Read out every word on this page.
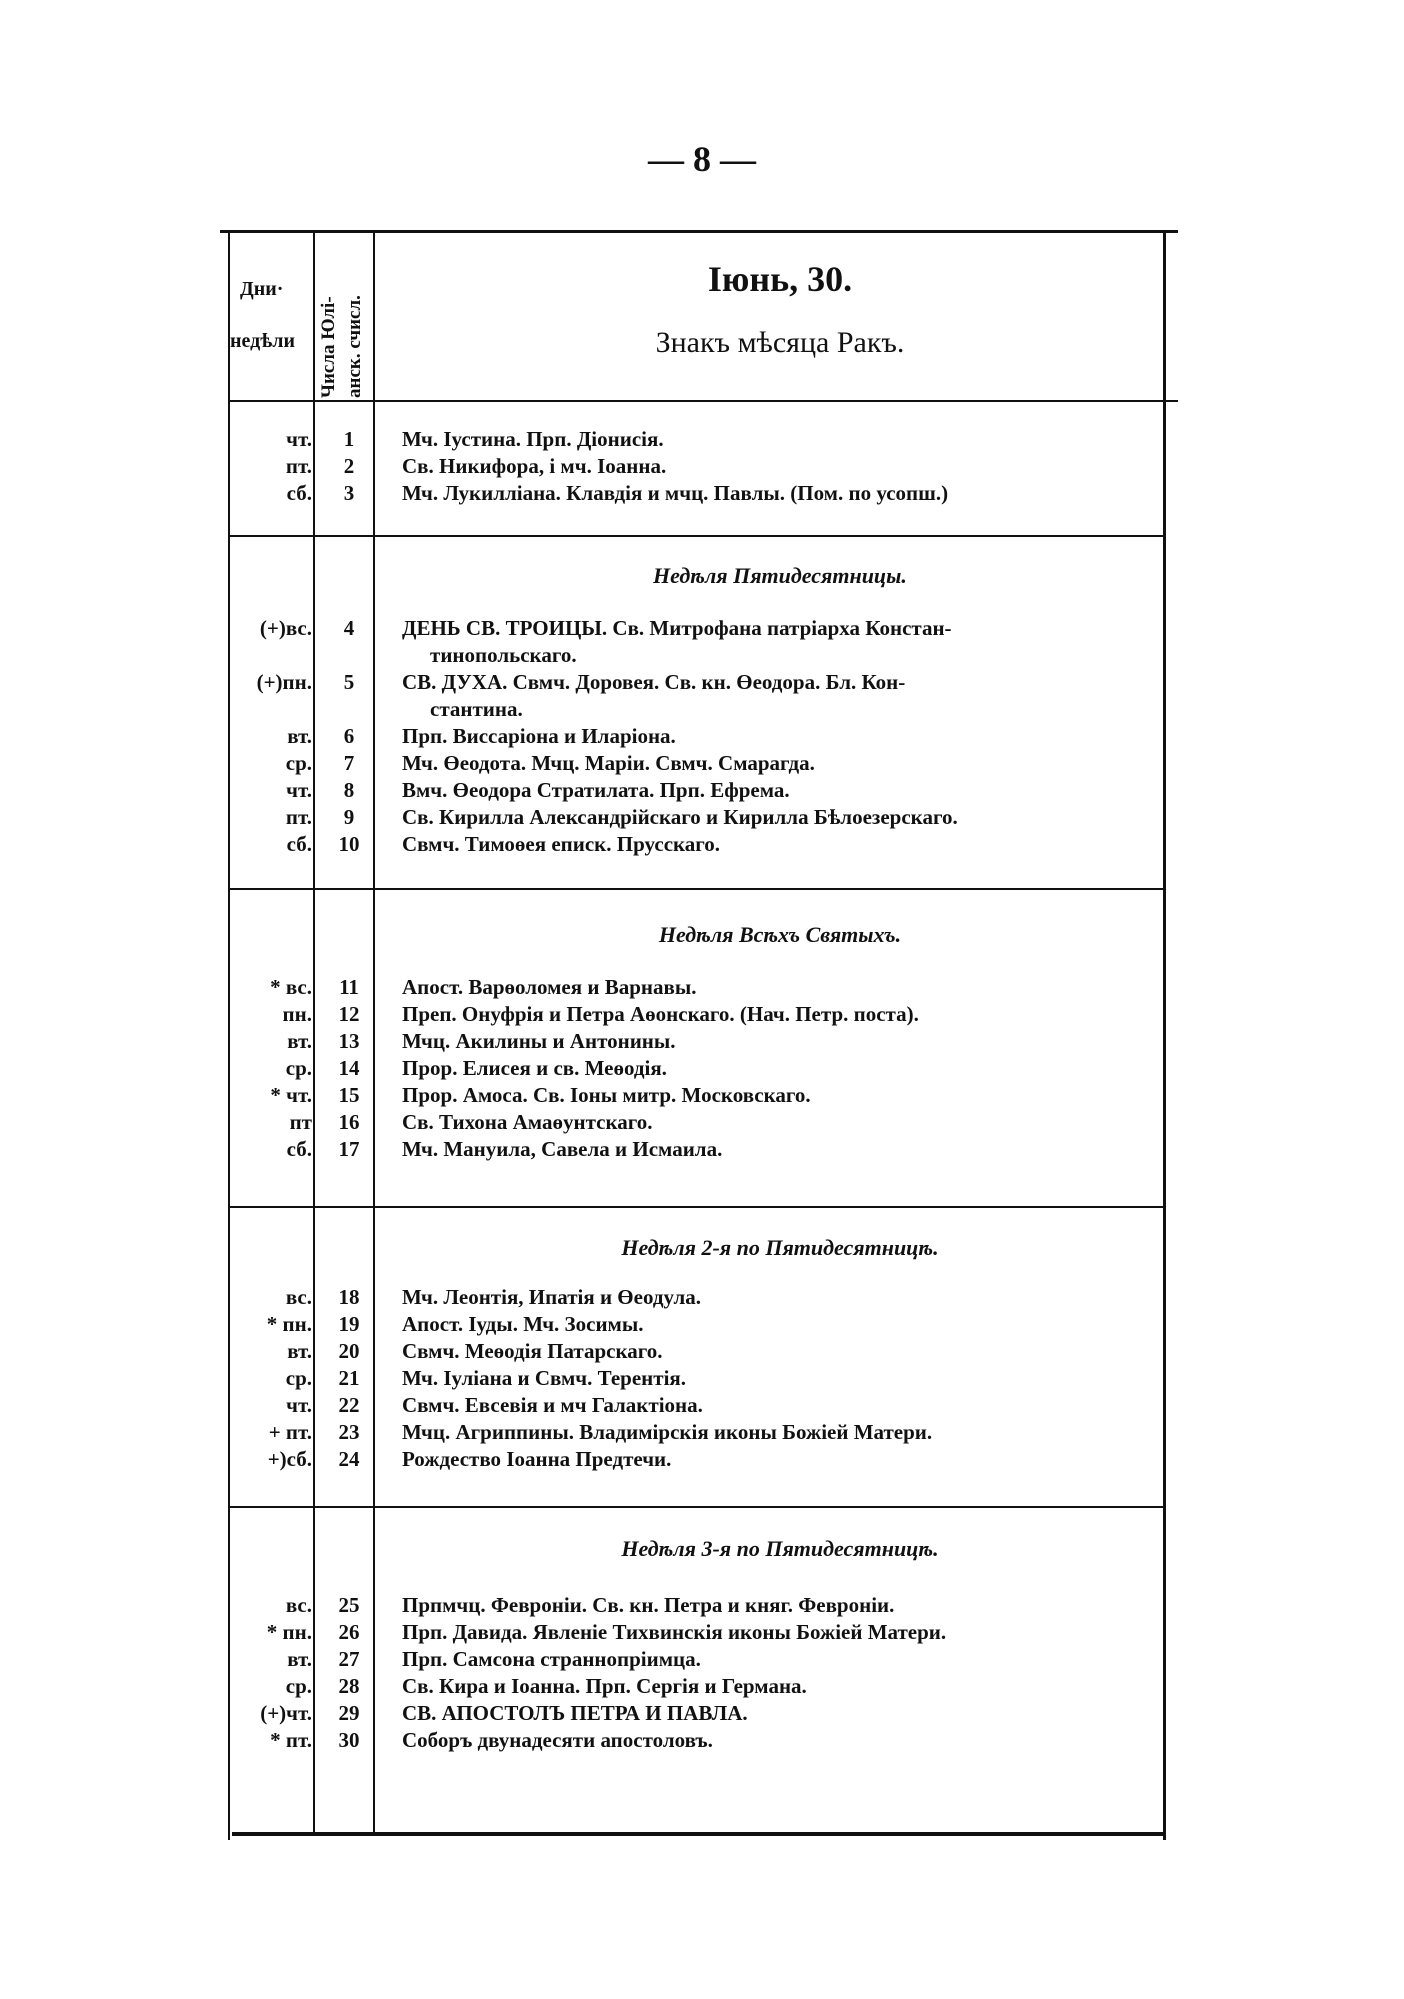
— 8 —
Дни·
недѣли Числа Юлі- анск. счисл.
Іюнь, 30.
Знакъ мѣсяца Ракъ.
чт.	1	Мч. Іустина. Прп. Діонисія.
пт.	2	Св. Никифора, і мч. Іоанна.
сб.	3	Мч. Лукилліана. Клавдія и мчц. Павлы. (Пом. по усопш.)
Недѣля Пятидесятницы.
(+)вс.	4	ДЕНЬ СВ. ТРОИЦЫ. Св. Митрофана патріарха Констан-
тинопольскаго.
(+)пн.	5	СВ. ДУХА. Свмч. Доровея. Св. кн. Өеодора. Бл. Кон-
стантина.
вт.	6	Прп. Виссаріона и Иларіона.
ср.	7	Мч. Өеодота. Мчц. Маріи. Свмч. Смарагда.
чт.	8	Вмч. Өеодора Стратилата. Прп. Ефрема.
пт.	9	Св. Кирилла Александрійскаго и Кирилла Бѣлоезерскаго.
сб.	10	Свмч. Тимоөея епиcк. Прусскаго.
Недѣля Всѣхъ Святыхъ.
* вс.	11	Апост. Варөоломея и Варнавы.
пн.	12	Преп. Онуфрія и Петра Аөонскаго. (Нач. Петр. поста).
вт.	13	Мчц. Акилины и Антонины.
ср.	14	Прор. Елисея и св. Меөодія.
* чт.	15	Прор. Амоса. Св. Іоны митр. Московскаго.
пт	16	Св. Тихона Амаөунтскаго.
сб.	17	Мч. Мануила, Савела и Исмаила.
Недѣля 2-я по Пятидесятницѣ.
вс.	18	Мч. Леонтія, Ипатія и Өеодула.
* пн.	19	Апост. Іуды. Мч. Зосимы.
вт.	20	Свмч. Меөодія Патарскаго.
ср.	21	Мч. Іуліана и Свмч. Терентія.
чт.	22	Свмч. Евсевія и мч Галактіона.
+ пт.	23	Мчц. Агриппины. Владимірскія иконы Божіей Матери.
+)сб.	24	Рождество Іоанна Предтечи.
Недѣля 3-я по Пятидесятницѣ.
вс.	25	Прпмчц. Февроніи. Св. кн. Петра и княг. Февроніи.
* пн.	26	Прп. Давида. Явленіе Тихвинскія иконы Божіей Матери.
вт.	27	Прп. Самсона страннопріимца.
ср.	28	Св. Кира и Іоанна. Прп. Сергія и Германа.
(+)чт.	29	СВ. АПОСТОЛЪ ПЕТРА И ПАВЛА.
* пт.	30	Соборъ двунадесяти апостоловъ.
